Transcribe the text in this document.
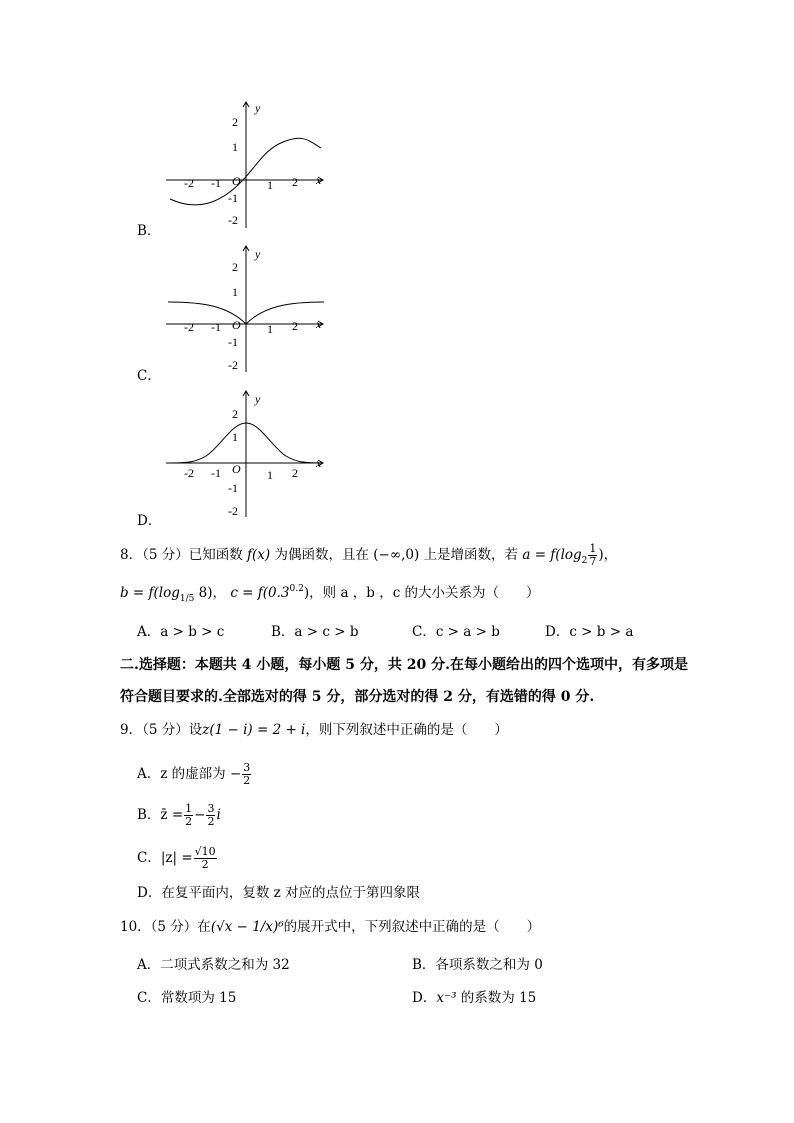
y
x
O
-2 -1	1 2
2
1
-1
-2
B．
y
x
O
-2 -1	1 2
2
1
-1
-2
C．
y
x
O
-2 -1	1 2
2
1
-1
-2
D．
8．（5 分）已知函数 f(x) 为偶函数，且在 (−∞,0) 上是增函数，若 $a = f(\log_2 \frac{1}{7}$ )，
$b = f(\log_{1/5}$ 8)， $c = f(0.3^{0.2})$，则 a ，b ，c 的大小关系为（　　）
A．a > b > c	B．a > c > b	C．c > a > b	D．c > b > a
二.选择题：本题共 4 小题，每小题 5 分，共 20 分.在每小题给出的四个选项中，有多项是
符合题目要求的.全部选对的得 5 分，部分选对的得 2 分，有选错的得 0 分.
9．（5 分）设z(1 − i) = 2 + i，则下列叙述中正确的是（　　）
A．z 的虚部为 − $\frac{3}{2}$
B．z̄ = $\frac{1}{2} - \frac{3}{2}$ i
C．$|z| = \frac{√10}{2}$
D．在复平面内，复数 z 对应的点位于第四象限
10．（5 分）在(√x − 1/x)⁶的展开式中，下列叙述中正确的是（　　）
A．二项式系数之和为 32	B．各项系数之和为 0
C．常数项为 15	D．x⁻³ 的系数为 15
